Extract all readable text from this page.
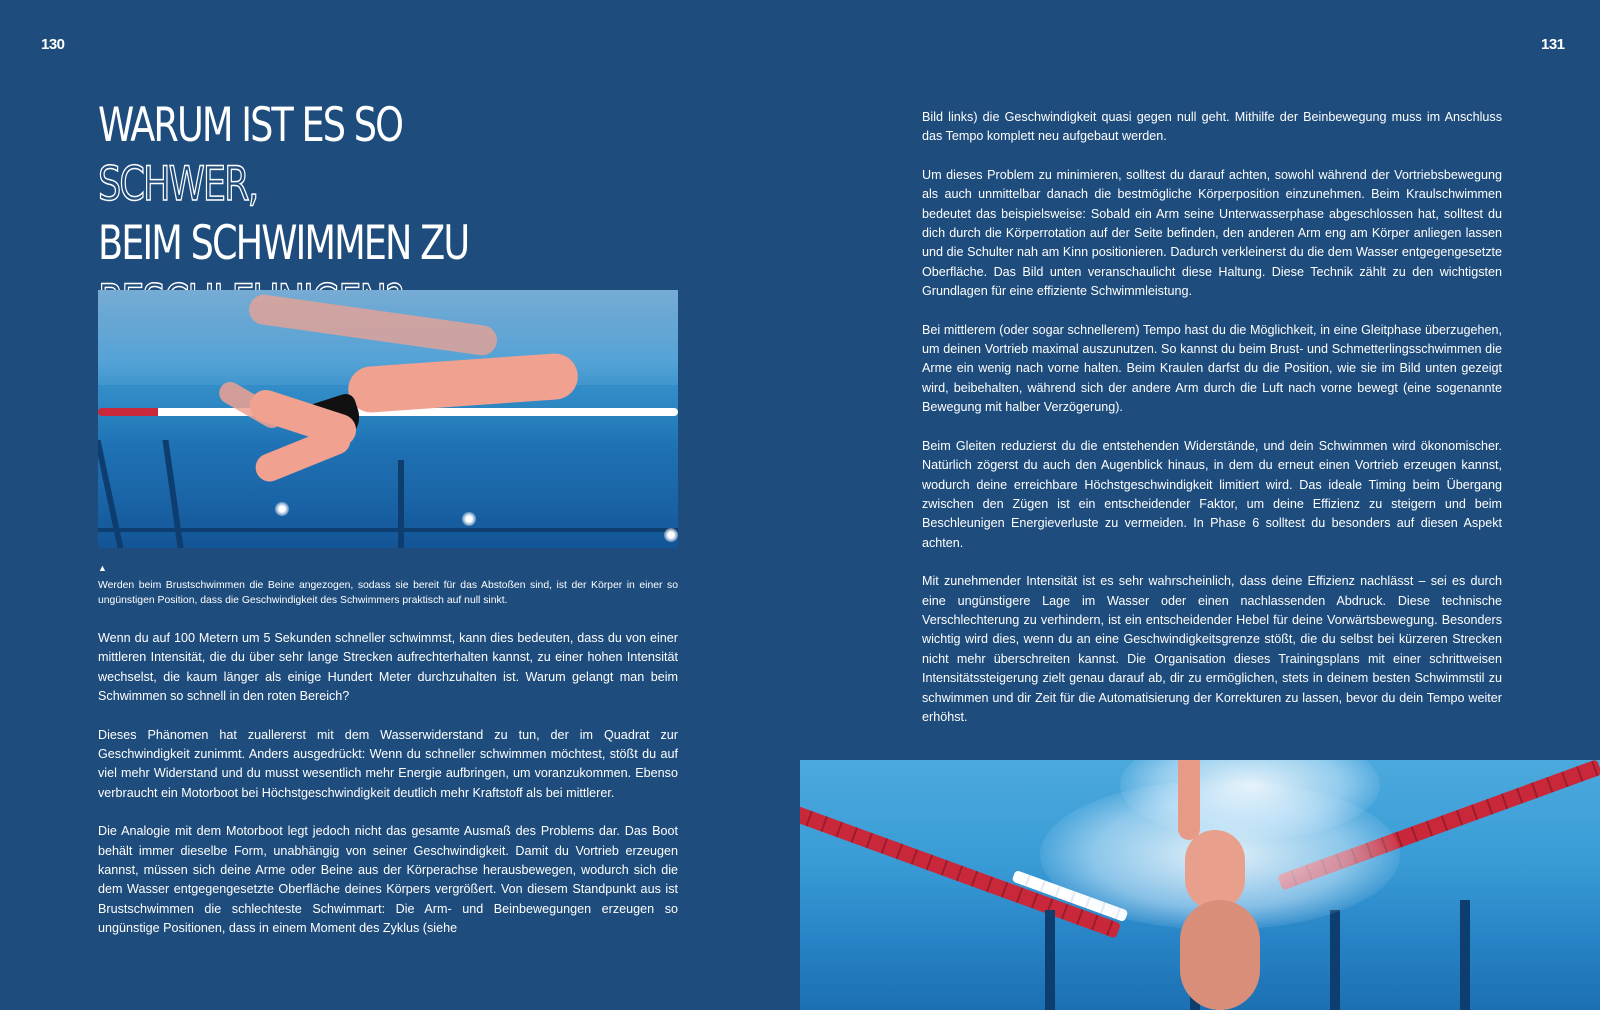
130	131
WARUM IST ES SO SCHWER,
BEIM SCHWIMMEN ZU
▲

Werden beim Brustschwimmen die Beine angezogen, sodass sie bereit für das Abstoßen sind, ist der Körper in einer so ungünstigen Position, dass die Geschwindigkeit des Schwimmers praktisch auf null sinkt.

Wenn du auf 100 Metern um 5 Sekunden schneller schwimmst, kann dies bedeuten, dass du von einer mittleren Intensität, die du über sehr lange Strecken aufrechterhalten kannst, zu einer hohen Intensität wechselst, die kaum länger als einige Hundert Meter durchzuhalten ist. Warum gelangt man beim Schwimmen so schnell in den roten Bereich?

Dieses Phänomen hat zuallererst mit dem Wasserwiderstand zu tun, der im Quadrat zur Geschwindigkeit zunimmt. Anders ausgedrückt: Wenn du schneller schwimmen möchtest, stößt du auf viel mehr Widerstand und du musst wesentlich mehr Energie aufbringen, um voranzukommen. Ebenso verbraucht ein Motorboot bei Höchstgeschwindigkeit deutlich mehr Kraftstoff als bei mittlerer.

Die Analogie mit dem Motorboot legt jedoch nicht das gesamte Ausmaß des Problems dar. Das Boot behält immer dieselbe Form, unabhängig von seiner Geschwindigkeit. Damit du Vortrieb erzeugen kannst, müssen sich deine Arme oder Beine aus der Körperachse herausbewegen, wodurch sich die dem Wasser entgegengesetzte Oberfläche deines Körpers vergrößert. Von diesem Standpunkt aus ist Brustschwimmen die schlechteste Schwimmart: Die Arm- und Beinbewegungen erzeugen so ungünstige Positionen, dass in einem Moment des Zyklus (siehe

Bild links) die Geschwindigkeit quasi gegen null geht. Mithilfe der Beinbewegung muss im Anschluss das Tempo komplett neu aufgebaut werden.

Um dieses Problem zu minimieren, solltest du darauf achten, sowohl während der Vortriebsbewegung als auch unmittelbar danach die bestmögliche Körperposition einzunehmen. Beim Kraulschwimmen bedeutet das beispielsweise: Sobald ein Arm seine Unterwasserphase abgeschlossen hat, solltest du dich durch die Körperrotation auf der Seite befinden, den anderen Arm eng am Körper anliegen lassen und die Schulter nah am Kinn positionieren. Dadurch verkleinerst du die dem Wasser entgegengesetzte Oberfläche. Das Bild unten veranschaulicht diese Haltung. Diese Technik zählt zu den wichtigsten Grundlagen für eine effiziente Schwimmleistung.

Bei mittlerem (oder sogar schnellerem) Tempo hast du die Möglichkeit, in eine Gleitphase überzugehen, um deinen Vortrieb maximal auszunutzen. So kannst du beim Brust- und Schmetterlingsschwimmen die Arme ein wenig nach vorne halten. Beim Kraulen darfst du die Position, wie sie im Bild unten gezeigt wird, beibehalten, während sich der andere Arm durch die Luft nach vorne bewegt (eine sogenannte Bewegung mit halber Verzögerung).

Beim Gleiten reduzierst du die entstehenden Widerstände, und dein Schwimmen wird ökonomischer. Natürlich zögerst du auch den Augenblick hinaus, in dem du erneut einen Vortrieb erzeugen kannst, wodurch deine erreichbare Höchstgeschwindigkeit limitiert wird. Das ideale Timing beim Übergang zwischen den Zügen ist ein entscheidender Faktor, um deine Effizienz zu steigern und beim Beschleunigen Energieverluste zu vermeiden. In Phase 6 solltest du besonders auf diesen Aspekt achten.

Mit zunehmender Intensität ist es sehr wahrscheinlich, dass deine Effizienz nachlässt – sei es durch eine ungünstigere Lage im Wasser oder einen nachlassenden Abdruck. Diese technische Verschlechterung zu verhindern, ist ein entscheidender Hebel für deine Vorwärtsbewegung. Besonders wichtig wird dies, wenn du an eine Geschwindigkeitsgrenze stößt, die du selbst bei kürzeren Strecken nicht mehr überschreiten kannst. Die Organisation dieses Trainingsplans mit einer schrittweisen Intensitätssteigerung zielt genau darauf ab, dir zu ermöglichen, stets in deinem besten Schwimmstil zu schwimmen und dir Zeit für die Automatisierung der Korrekturen zu lassen, bevor du dein Tempo weiter erhöhst.
